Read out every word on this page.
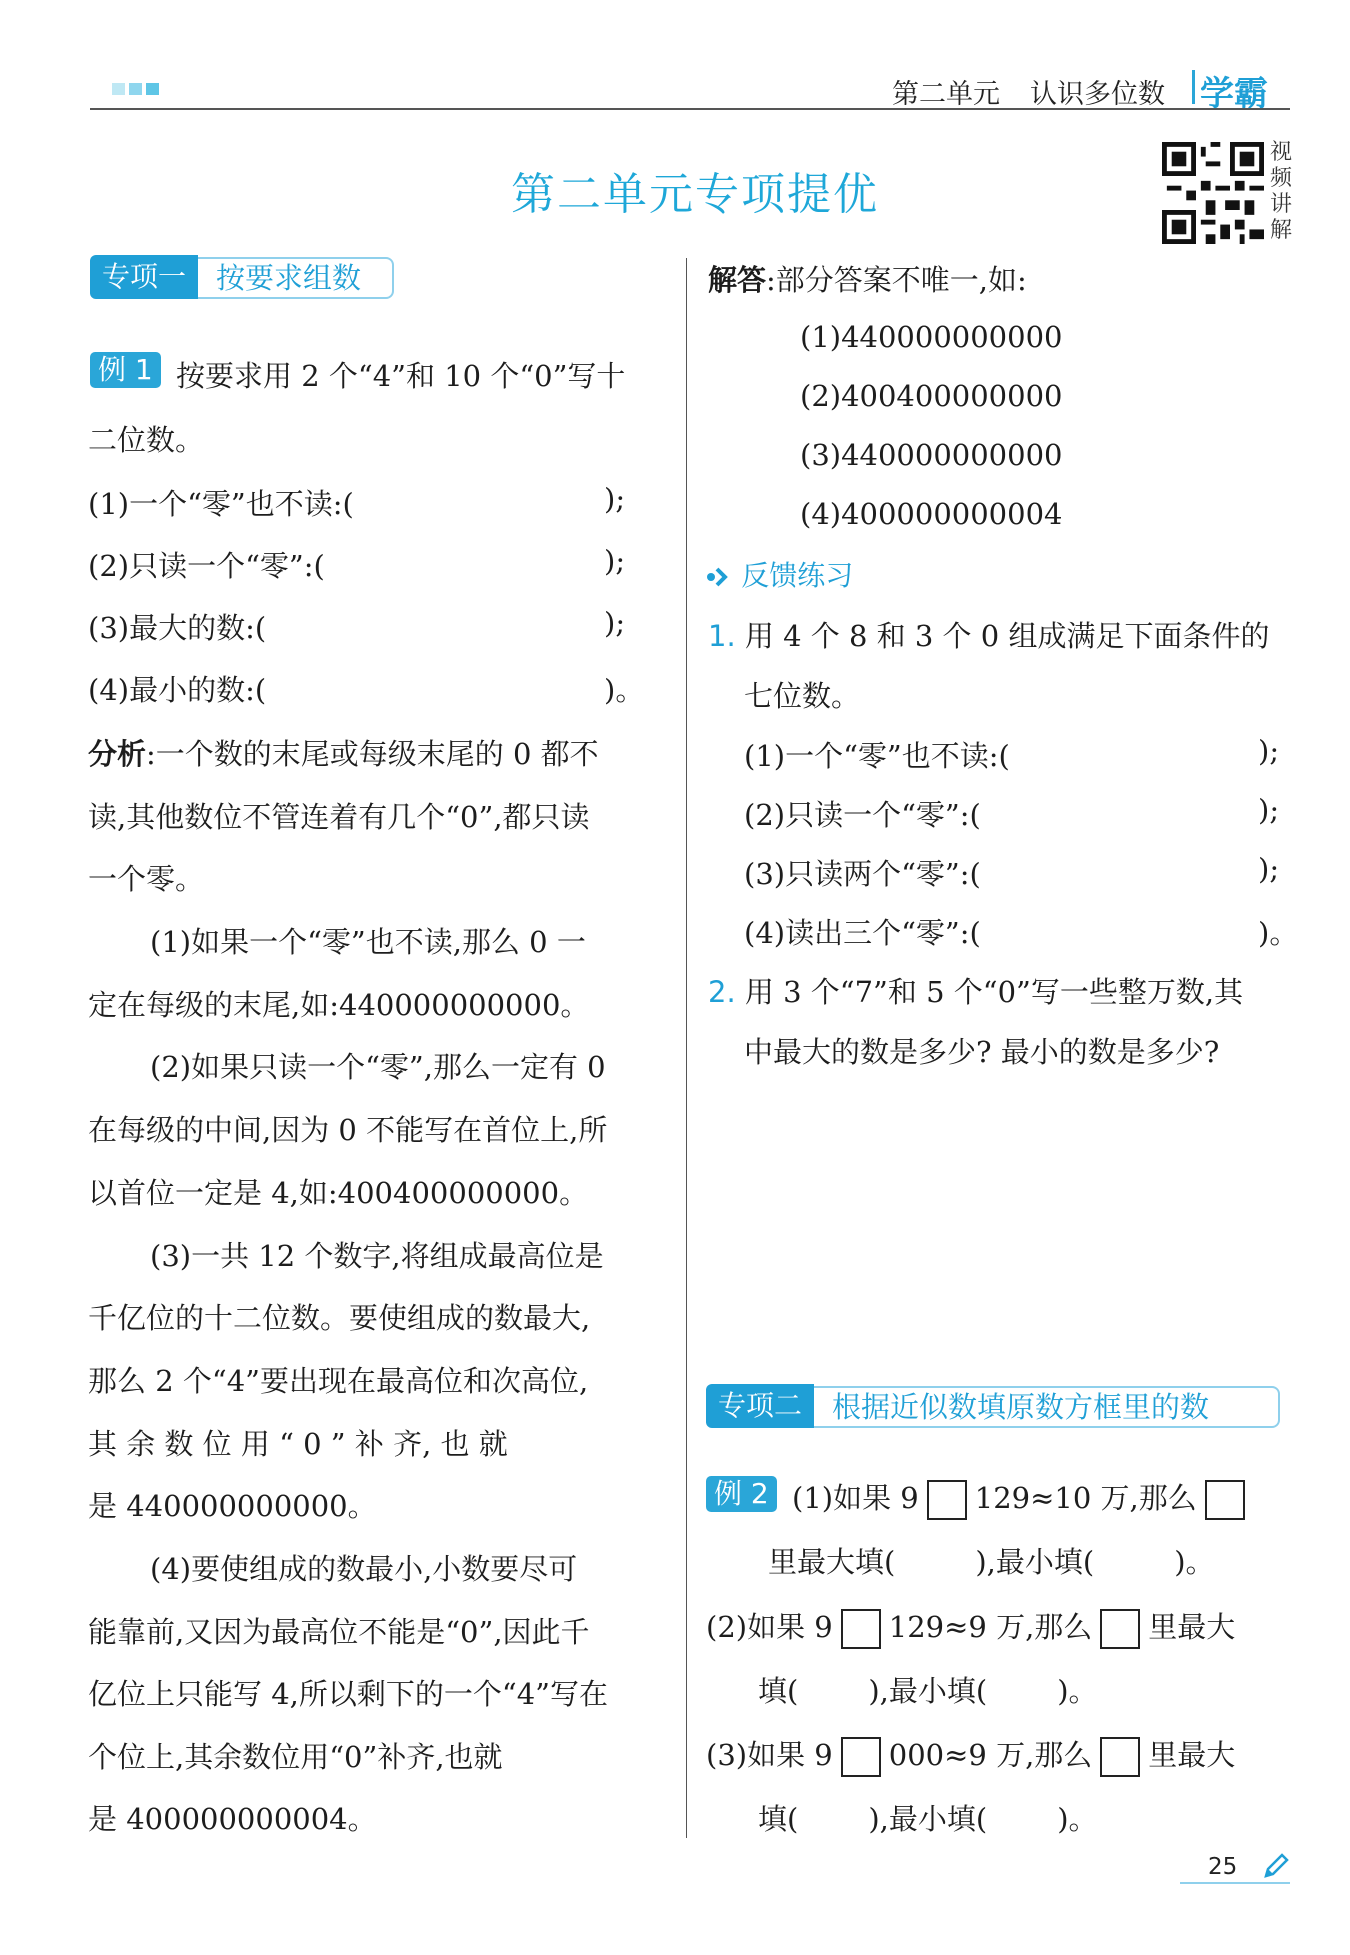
第二单元 认识多位数 学霸
第二单元专项提优
视
频
讲
解
专项一	按要求组数
例 1 按要求用 2 个“4”和 10 个“0”写十
二位数。
(1)一个“零”也不读:(	);
(2)只读一个“零”:(	);
(3)最大的数:(	);
(4)最小的数:(	)。
分析:一个数的末尾或每级末尾的 0 都不
读,其他数位不管连着有几个“0”,都只读
一个零。
(1)如果一个“零”也不读,那么 0 一
定在每级的末尾,如:440000000000。
(2)如果只读一个“零”,那么一定有 0
在每级的中间,因为 0 不能写在首位上,所
以首位一定是 4,如:400400000000。
(3)一共 12 个数字,将组成最高位是
千亿位的十二位数。要使组成的数最大,
那么 2 个“4”要出现在最高位和次高位,
其 余 数 位 用 “ 0 ” 补 齐, 也 就
是 440000000000。
(4)要使组成的数最小,小数要尽可
能靠前,又因为最高位不能是“0”,因此千
亿位上只能写 4,所以剩下的一个“4”写在
个位上,其余数位用“0”补齐,也就
是 400000000004。
解答:部分答案不唯一,如:
(1)440000000000
(2)400400000000
(3)440000000000
(4)400000000004
反馈练习
1. 用 4 个 8 和 3 个 0 组成满足下面条件的
七位数。
(1)一个“零”也不读:(	);
(2)只读一个“零”:(	);
(3)只读两个“零”:(	);
(4)读出三个“零”:(	)。
2. 用 3 个“7”和 5 个“0”写一些整万数,其
中最大的数是多少? 最小的数是多少?
专项二	根据近似数填原数方框里的数
例 2 (1)如果 9 129≈10 万,那么
里最大填(	),最小填(	)。
(2)如果 9 129≈9 万,那么 里最大
填( ),最小填( )。
(3)如果 9 000≈9 万,那么 里最大
填( ),最小填( )。
25
